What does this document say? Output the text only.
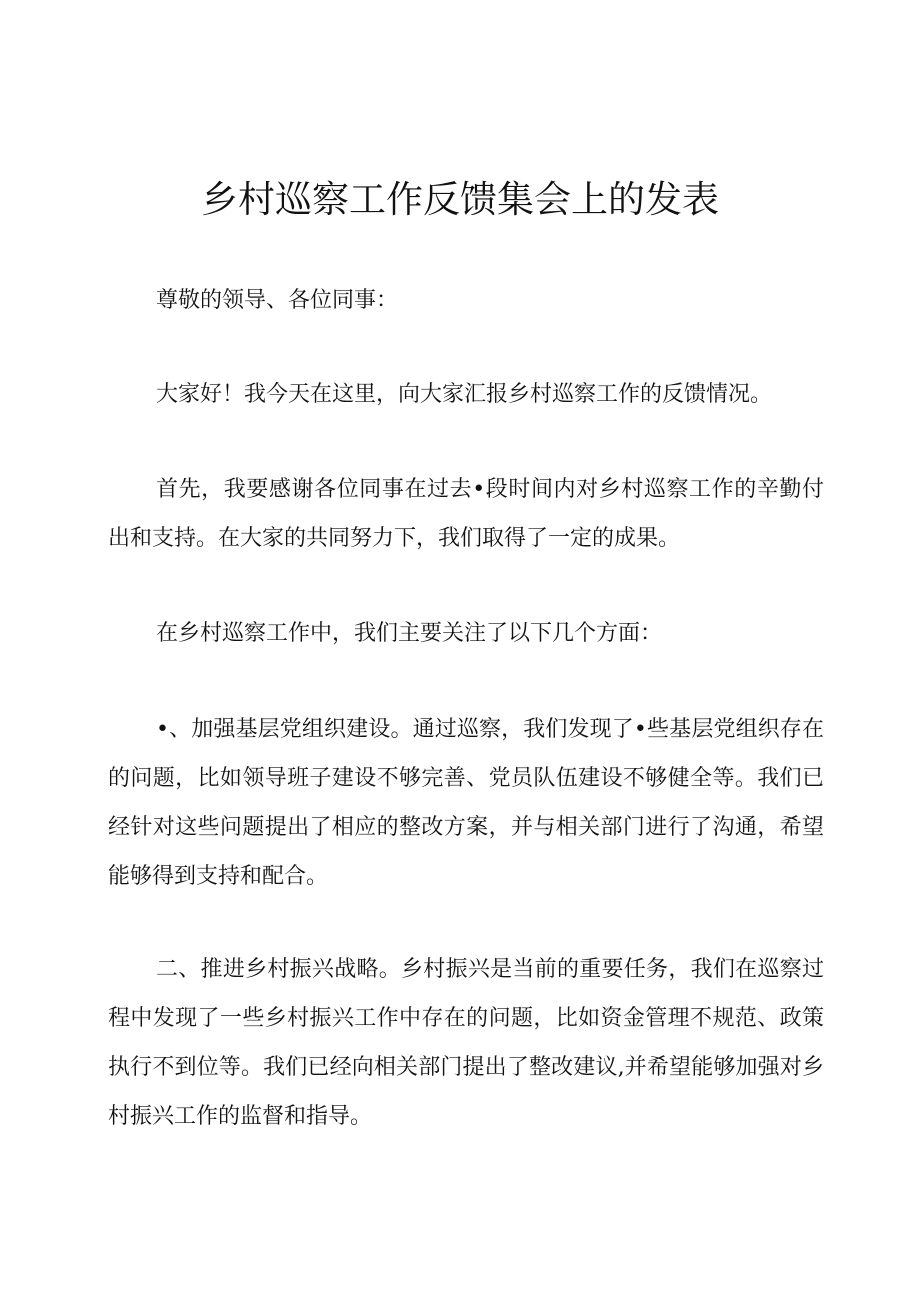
乡村巡察工作反馈集会上的发表

尊敬的领导、各位同事：

大家好！我今天在这里，向大家汇报乡村巡察工作的反馈情况。

首先，我要感谢各位同事在过去•段时间内对乡村巡察工作的辛勤付出和支持。在大家的共同努力下，我们取得了一定的成果。

在乡村巡察工作中，我们主要关注了以下几个方面：

•、加强基层党组织建设。通过巡察，我们发现了•些基层党组织存在的问题，比如领导班子建设不够完善、党员队伍建设不够健全等。我们已经针对这些问题提出了相应的整改方案，并与相关部门进行了沟通，希望能够得到支持和配合。

二、推进乡村振兴战略。乡村振兴是当前的重要任务，我们在巡察过程中发现了一些乡村振兴工作中存在的问题，比如资金管理不规范、政策执行不到位等。我们已经向相关部门提出了整改建议,并希望能够加强对乡村振兴工作的监督和指导。
